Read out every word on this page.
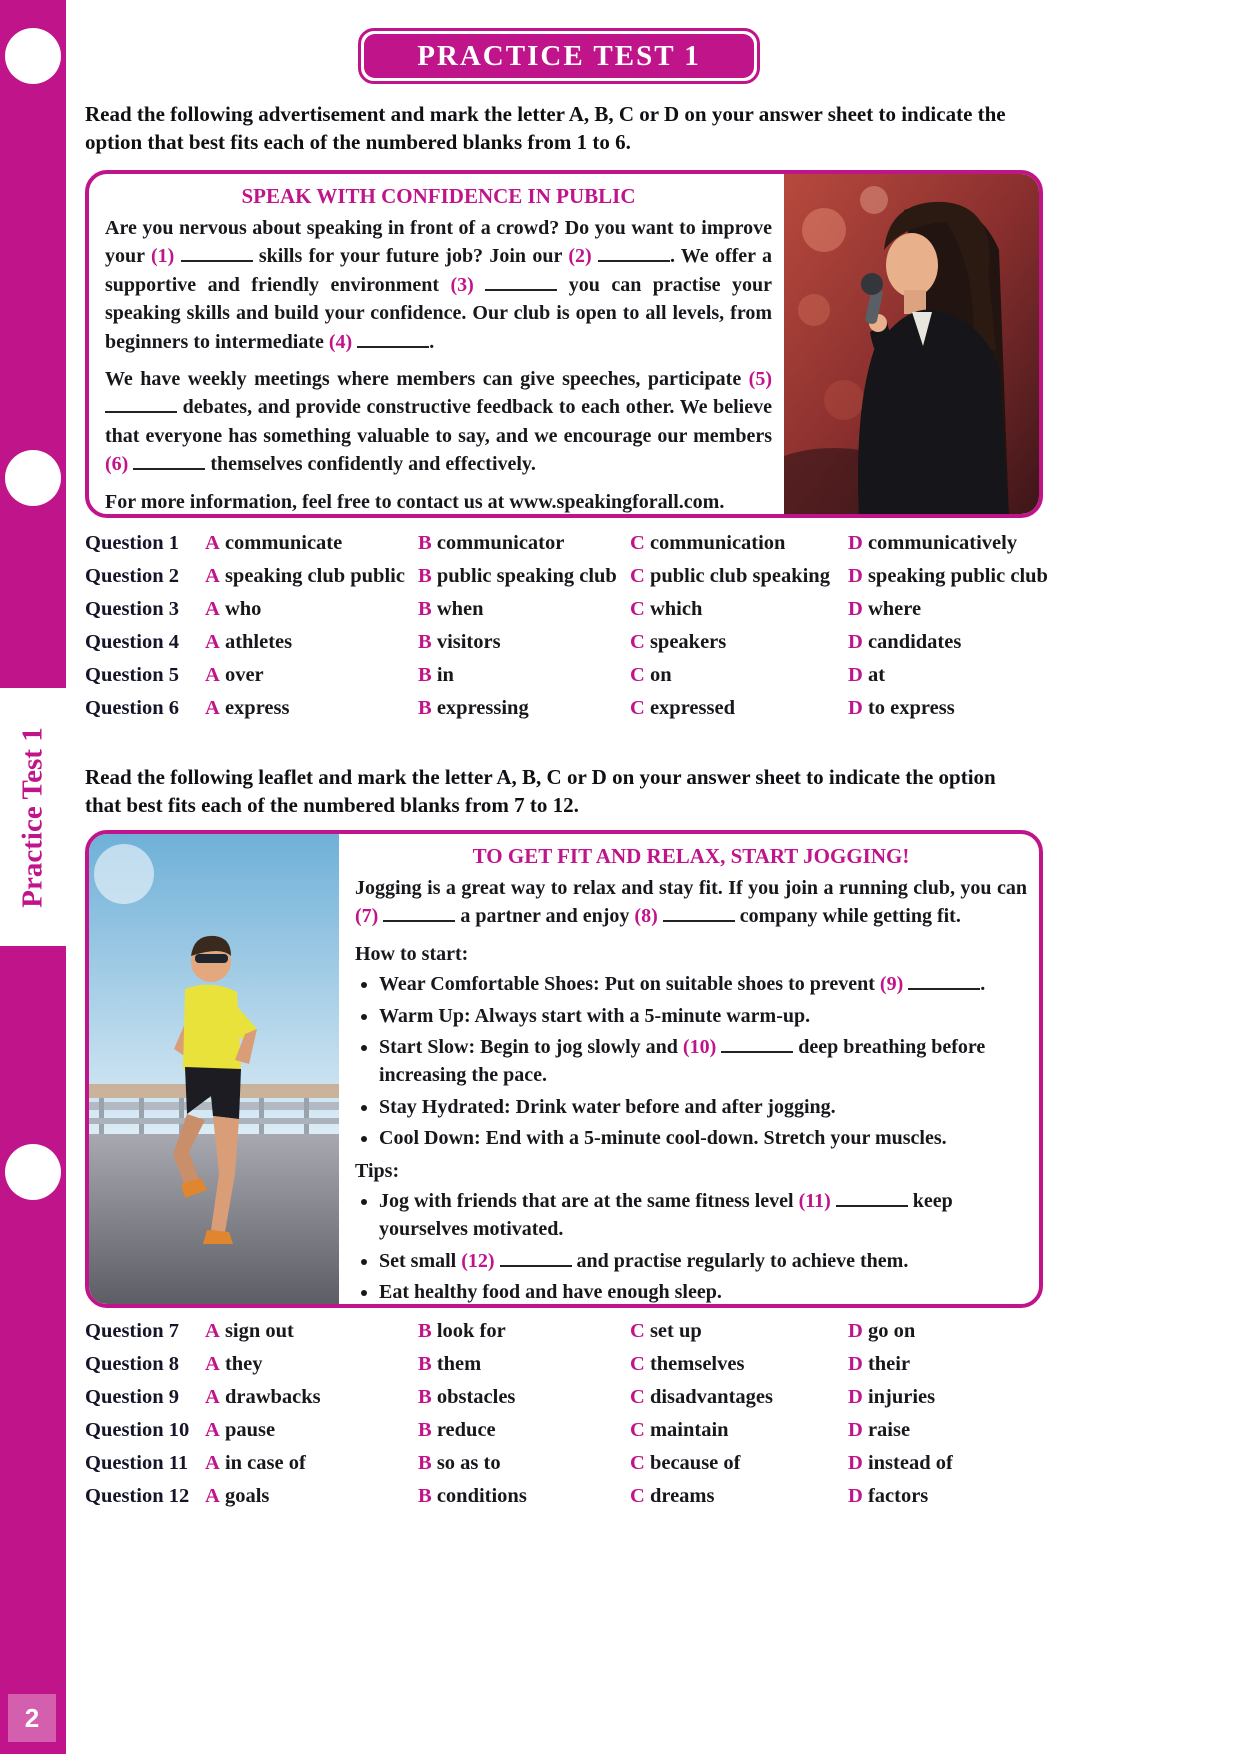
Practice Test 1
2
PRACTICE TEST 1

Read the following advertisement and mark the letter A, B, C or D on your answer sheet to indicate the option that best fits each of the numbered blanks from 1 to 6.

SPEAK WITH CONFIDENCE IN PUBLIC

Are you nervous about speaking in front of a crowd? Do you want to improve your (1)	skills for your future job? Join our (2)	. We offer a supportive and friendly environment (3)	you can practise your speaking skills and build your confidence. Our club is open to all levels, from beginners to intermediate (4)	.

We have weekly meetings where members can give speeches, participate (5)  debates, and provide constructive feedback to each other. We believe that everyone has something valuable to say, and we encourage our members (6)	themselves confidently and effectively.

For more information, feel free to contact us at www.speakingforall.com.

Question 1	A communicate	B communicator	C communication	D communicatively
Question 2	A speaking club public B public speaking club C public club speaking D speaking public club
Question 3	A who	B when	C which	D where
Question 4	A athletes	B visitors	C speakers	D candidates
Question 5	A over	B in	C on	D at
Question 6	A express	B expressing	C expressed	D to express

Read the following leaflet and mark the letter A, B, C or D on your answer sheet to indicate the option that best fits each of the numbered blanks from 7 to 12.

TO GET FIT AND RELAX, START JOGGING!

Jogging is a great way to relax and stay fit. If you join a running club, you can (7)	a partner and enjoy (8)	company while getting fit.

How to start:

• Wear Comfortable Shoes: Put on suitable shoes to prevent (9)	.
• Warm Up: Always start with a 5-minute warm-up.
• Start Slow: Begin to jog slowly and (10)	deep breathing before increasing the pace.
• Stay Hydrated: Drink water before and after jogging.
• Cool Down: End with a 5-minute cool-down. Stretch your muscles.

Tips:

• Jog with friends that are at the same fitness level (11)	keep yourselves motivated.
• Set small (12)	and practise regularly to achieve them.
• Eat healthy food and have enough sleep.
Question 7	A sign out	B look for	C set up	D go on
Question 8	A they	B them	C themselves	D their
Question 9	A drawbacks	B obstacles	C disadvantages	D injuries
Question 10 A pause	B reduce	C maintain	D raise
Question 11 A in case of	B so as to	C because of	D instead of
Question 12 A goals	B conditions	C dreams	D factors
